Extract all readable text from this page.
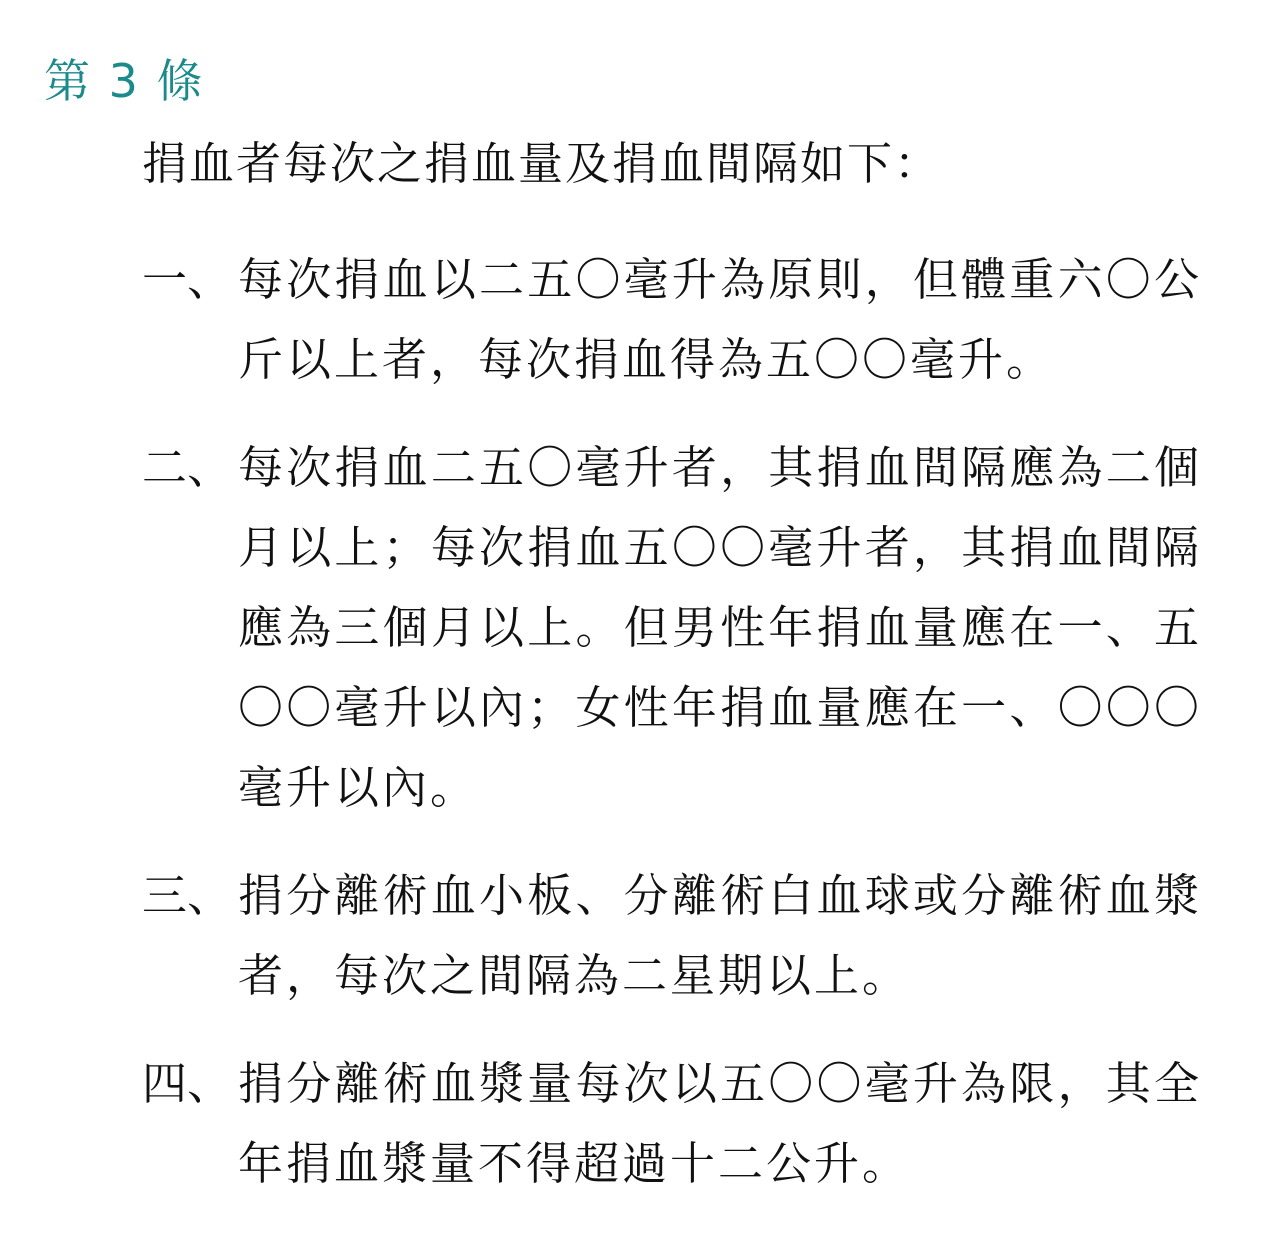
第 3 條
捐血者每次之捐血量及捐血間隔如下：
一、 每次捐血以二五〇毫升為原則，但體重六〇公斤以上者，每次捐血得為五〇〇毫升。
二、 每次捐血二五〇毫升者，其捐血間隔應為二個月以上；每次捐血五〇〇毫升者，其捐血間隔應為三個月以上。但男性年捐血量應在一、五〇〇毫升以內；女性年捐血量應在一、〇〇〇毫升以內。
三、 捐分離術血小板、分離術白血球或分離術血漿者，每次之間隔為二星期以上。
四、 捐分離術血漿量每次以五〇〇毫升為限，其全年捐血漿量不得超過十二公升。
